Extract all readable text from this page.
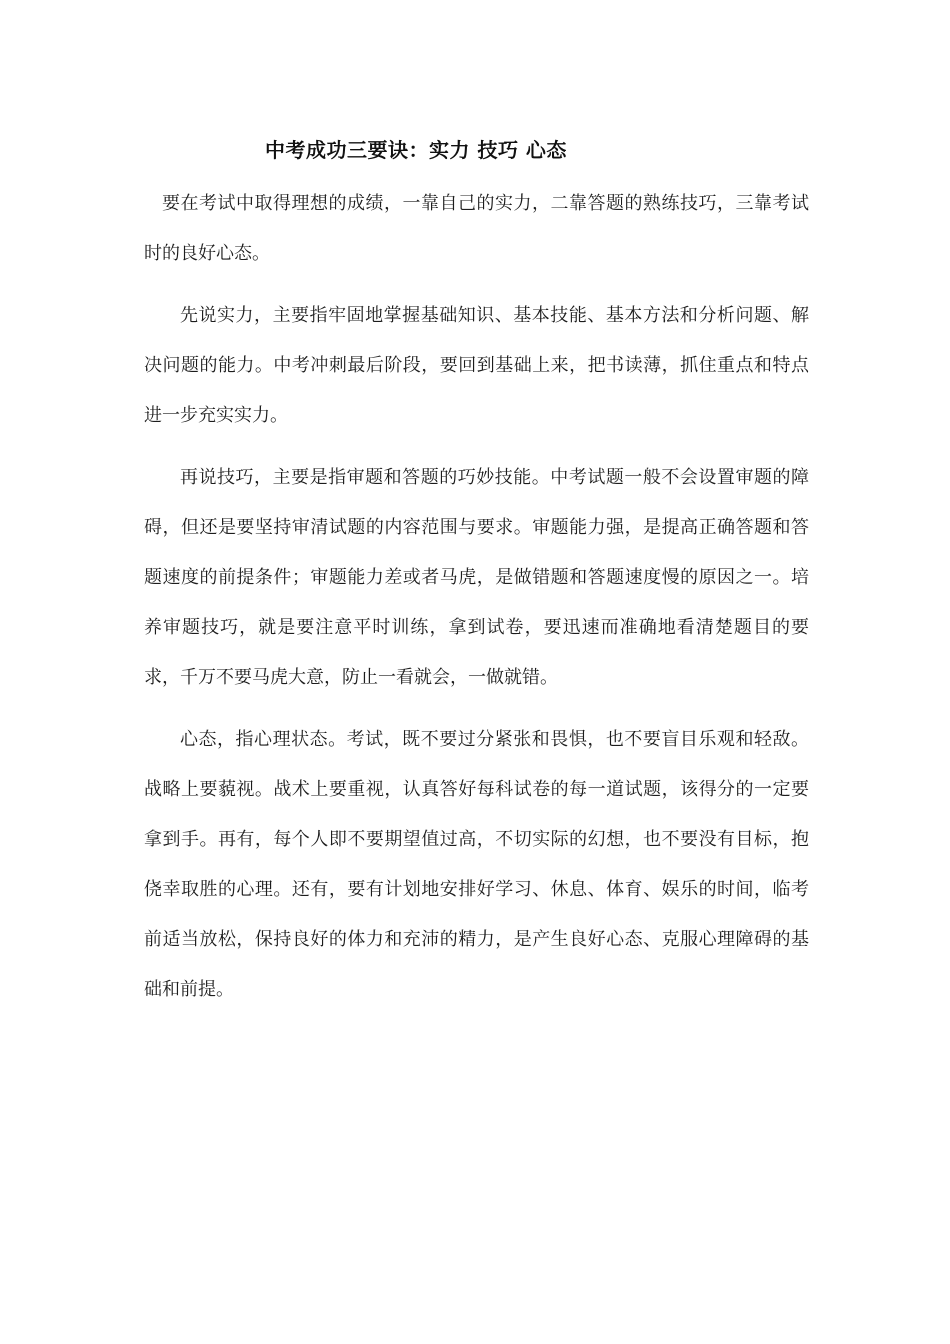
中考成功三要诀：实力 技巧 心态

要在考试中取得理想的成绩，一靠自己的实力，二靠答题的熟练技巧，三靠考试时的良好心态。

先说实力，主要指牢固地掌握基础知识、基本技能、基本方法和分析问题、解决问题的能力。中考冲刺最后阶段，要回到基础上来，把书读薄，抓住重点和特点进一步充实实力。

再说技巧，主要是指审题和答题的巧妙技能。中考试题一般不会设置审题的障碍，但还是要坚持审清试题的内容范围与要求。审题能力强，是提高正确答题和答题速度的前提条件；审题能力差或者马虎，是做错题和答题速度慢的原因之一。培养审题技巧，就是要注意平时训练，拿到试卷，要迅速而准确地看清楚题目的要求，千万不要马虎大意，防止一看就会，一做就错。

心态，指心理状态。考试，既不要过分紧张和畏惧，也不要盲目乐观和轻敌。战略上要藐视。战术上要重视，认真答好每科试卷的每一道试题，该得分的一定要拿到手。再有，每个人即不要期望值过高，不切实际的幻想，也不要没有目标，抱侥幸取胜的心理。还有，要有计划地安排好学习、休息、体育、娱乐的时间，临考前适当放松，保持良好的体力和充沛的精力，是产生良好心态、克服心理障碍的基础和前提。
